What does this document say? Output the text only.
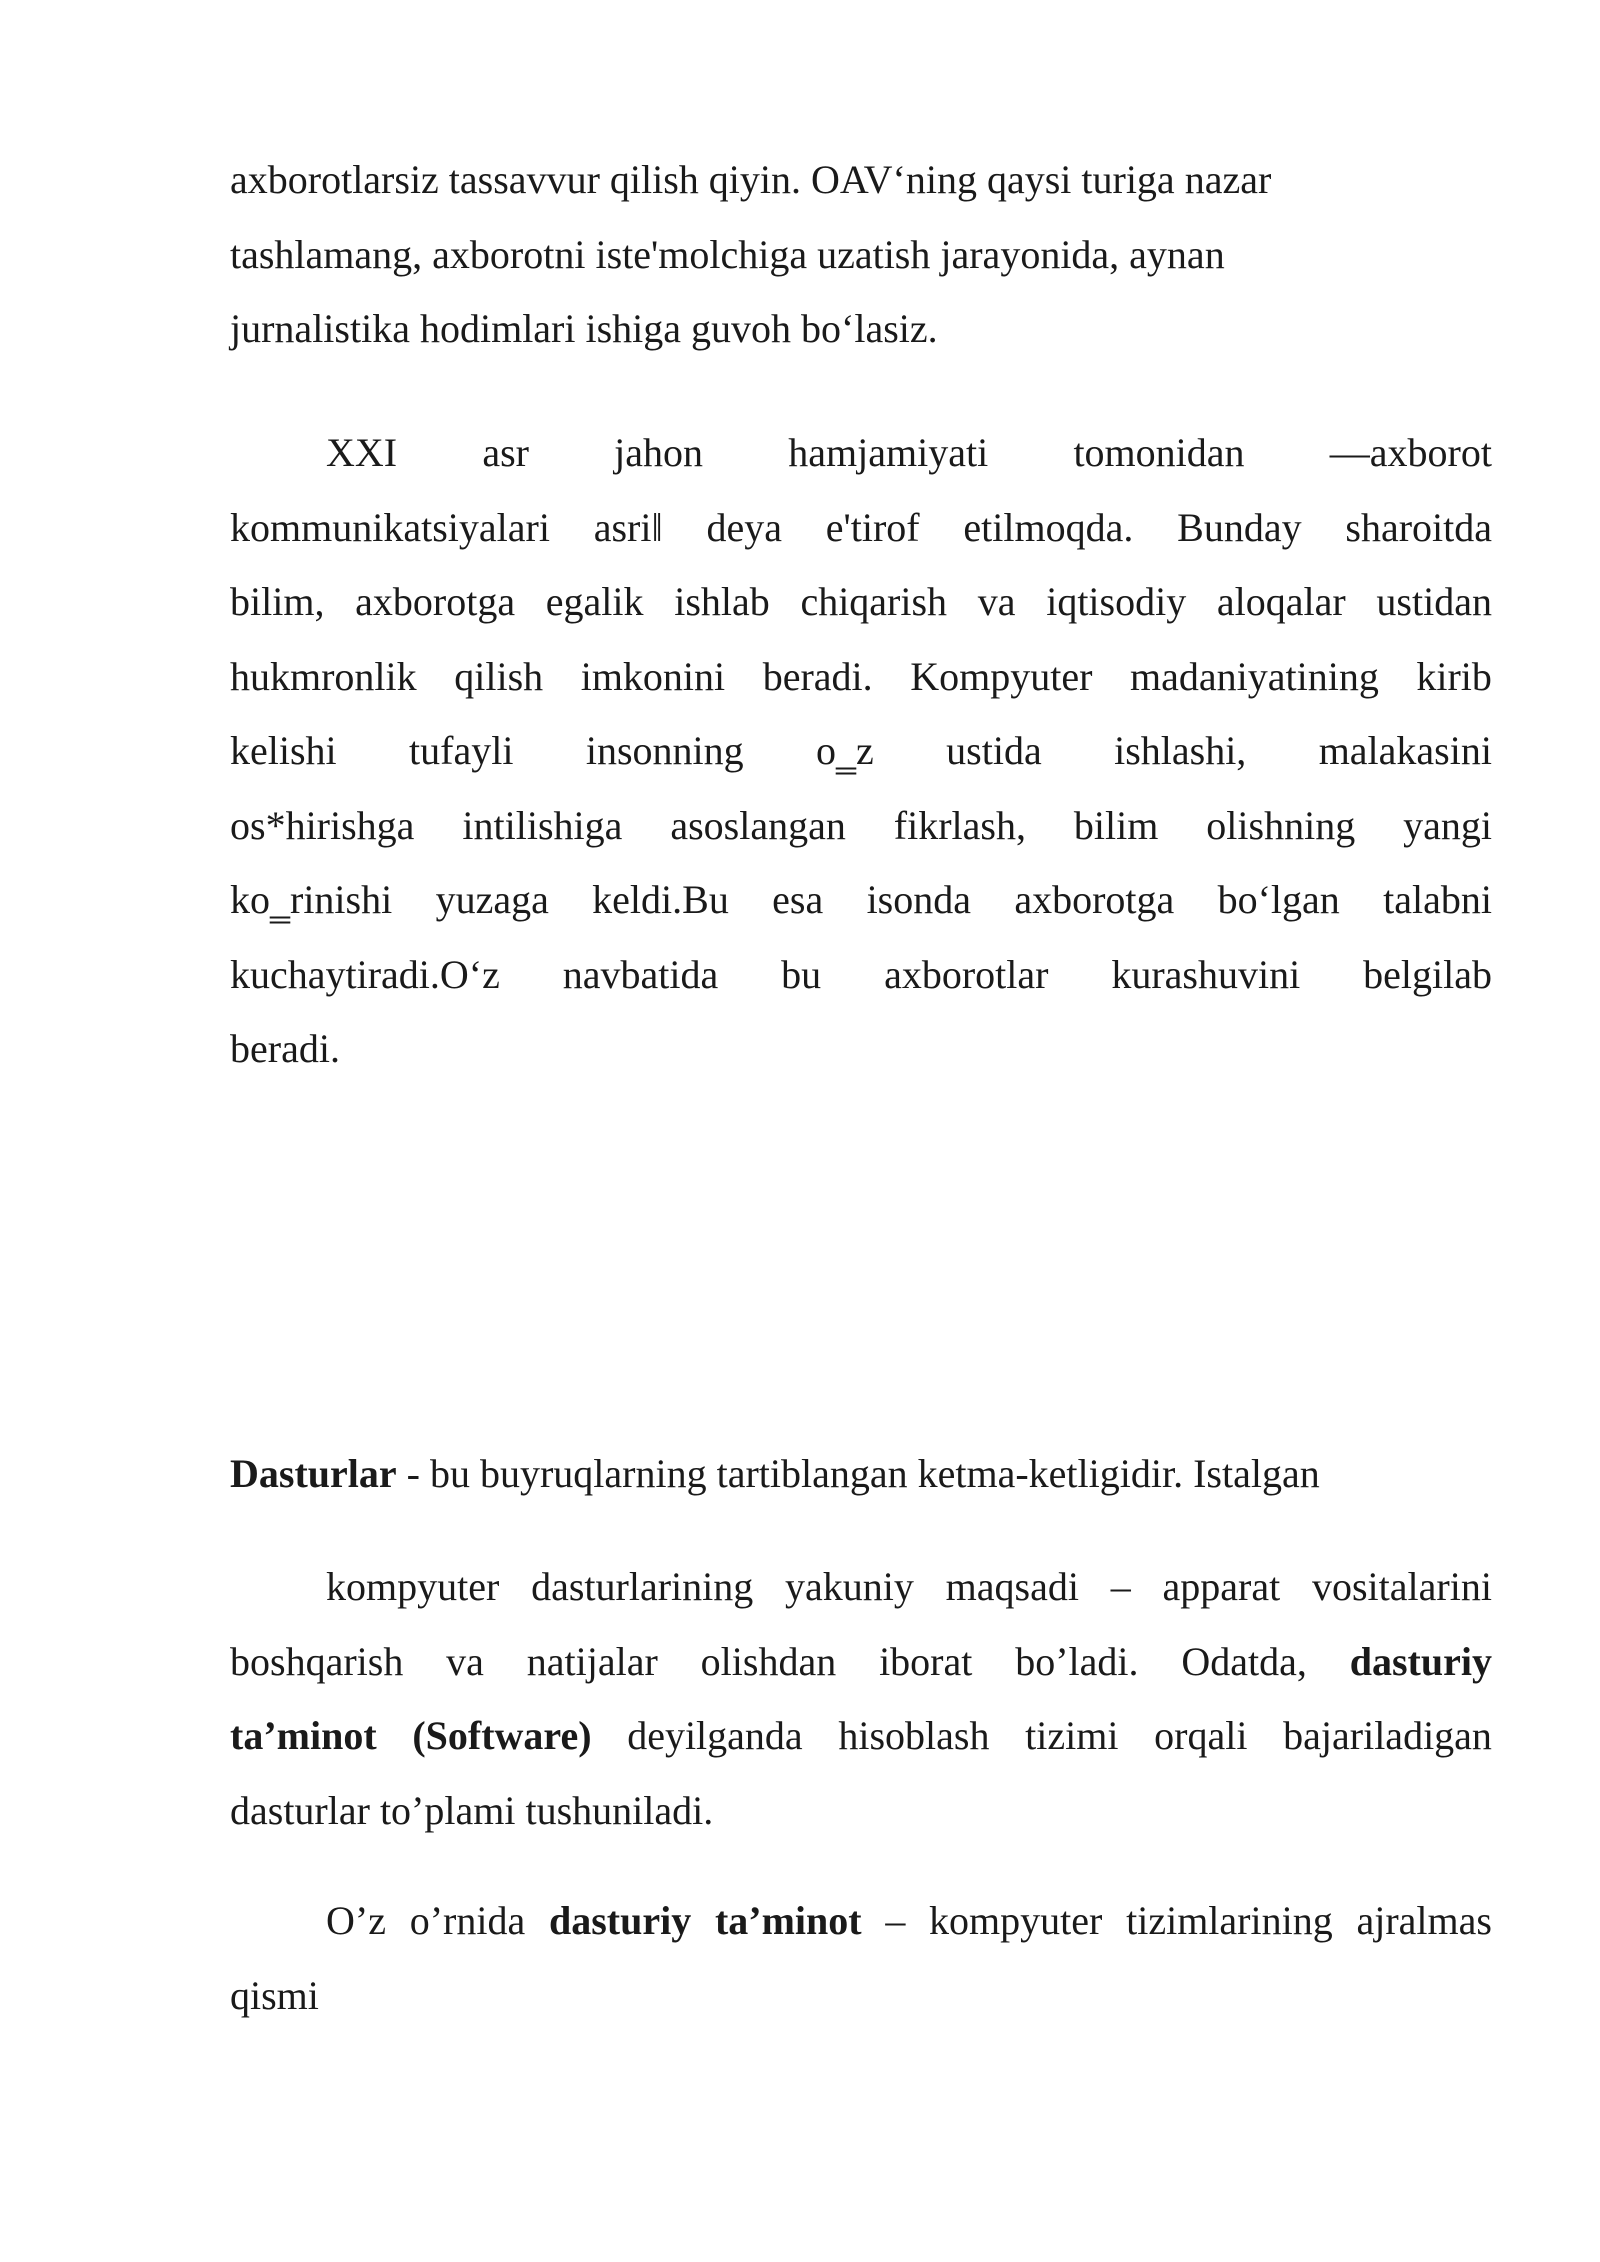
axborotlarsiz tassavvur qilish qiyin. OAV‘ning qaysi turiga nazar
tashlamang, axborotni iste'molchiga uzatish jarayonida, aynan
jurnalistika hodimlari ishiga guvoh bo‘lasiz.
XXI asr jahon hamjamiyati tomonidan ―axborot
kommunikatsiyalari asri‖ deya e'tirof etilmoqda. Bunday sharoitda
bilim, axborotga egalik ishlab chiqarish va iqtisodiy aloqalar ustidan
hukmronlik qilish imkonini beradi. Kompyuter madaniyatining kirib
kelishi tufayli insonning o‗z ustida ishlashi, malakasini
os*hirishga intilishiga asoslangan fikrlash, bilim olishning yangi
ko‗rinishi yuzaga keldi.Bu esa isonda axborotga bo‘lgan talabni
kuchaytiradi.O‘z navbatida bu axborotlar kurashuvini belgilab
beradi.
Dasturlar - bu buyruqlarning tartiblangan ketma-ketligidir. Istalgan
kompyuter dasturlarining yakuniy maqsadi – apparat vositalarini
boshqarish va natijalar olishdan iborat bo’ladi. Odatda, dasturiy
ta’minot (Software) deyilganda hisoblash tizimi orqali bajariladigan
dasturlar to’plami tushuniladi.
O’z o’rnida dasturiy ta’minot – kompyuter tizimlarining ajralmas
qismi
